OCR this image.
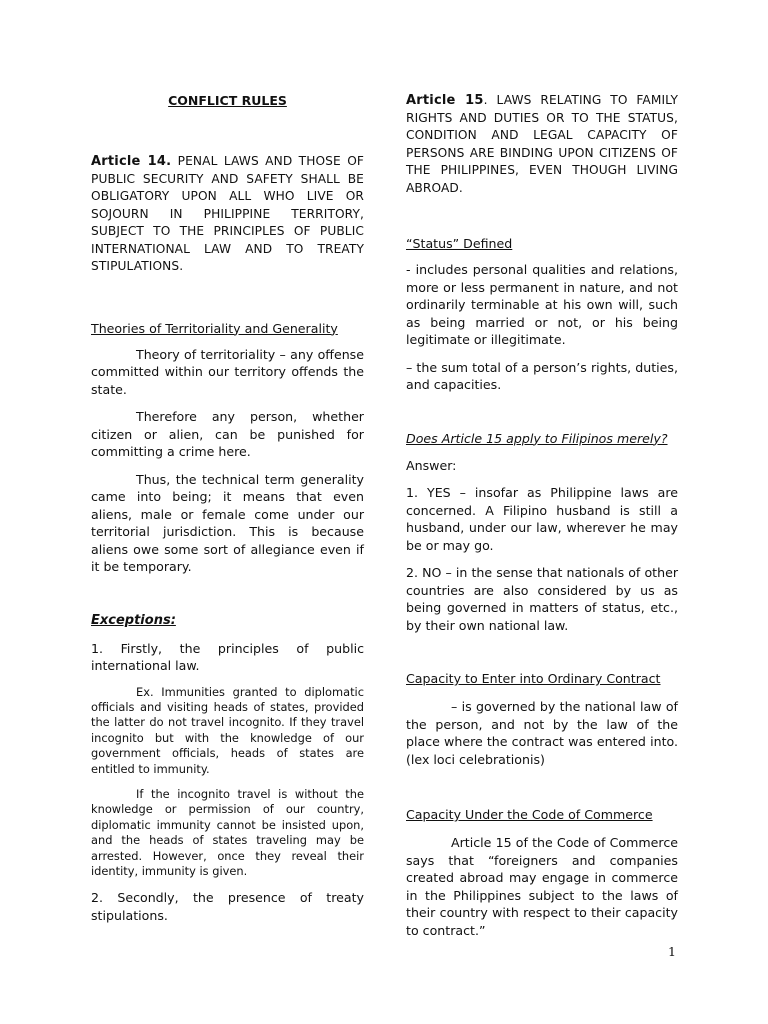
CONFLICT RULES

Article 14. PENAL LAWS AND THOSE OF PUBLIC SECURITY AND SAFETY SHALL BE OBLIGATORY UPON ALL WHO LIVE OR SOJOURN IN PHILIPPINE TERRITORY, SUBJECT TO THE PRINCIPLES OF PUBLIC INTERNATIONAL LAW AND TO TREATY STIPULATIONS.

Theories of Territoriality and Generality

Theory of territoriality – any offense committed within our territory offends the state.

Therefore any person, whether citizen or alien, can be punished for committing a crime here.

Thus, the technical term generality came into being; it means that even aliens, male or female come under our territorial jurisdiction. This is because aliens owe some sort of allegiance even if it be temporary.

Exceptions:

1. Firstly, the principles of public international law.

Ex. Immunities granted to diplomatic officials and visiting heads of states, provided the latter do not travel incognito. If they travel incognito but with the knowledge of our government officials, heads of states are entitled to immunity.

If the incognito travel is without the knowledge or permission of our country, diplomatic immunity cannot be insisted upon, and the heads of states traveling may be arrested. However, once they reveal their identity, immunity is given.

2. Secondly, the presence of treaty stipulations.

Article 15. LAWS RELATING TO FAMILY RIGHTS AND DUTIES OR TO THE STATUS, CONDITION AND LEGAL CAPACITY OF PERSONS ARE BINDING UPON CITIZENS OF THE PHILIPPINES, EVEN THOUGH LIVING ABROAD.

“Status” Defined

- includes personal qualities and relations, more or less permanent in nature, and not ordinarily terminable at his own will, such as being married or not, or his being legitimate or illegitimate.

– the sum total of a person’s rights, duties, and capacities.

Does Article 15 apply to Filipinos merely?

Answer:

1. YES – insofar as Philippine laws are concerned. A Filipino husband is still a husband, under our law, wherever he may be or may go.

2. NO – in the sense that nationals of other countries are also considered by us as being governed in matters of status, etc., by their own national law.

Capacity to Enter into Ordinary Contract

– is governed by the national law of the person, and not by the law of the place where the contract was entered into. (lex loci celebrationis)

Capacity Under the Code of Commerce

Article 15 of the Code of Commerce says that “foreigners and companies created abroad may engage in commerce in the Philippines subject to the laws of their country with respect to their capacity to contract.”

1
